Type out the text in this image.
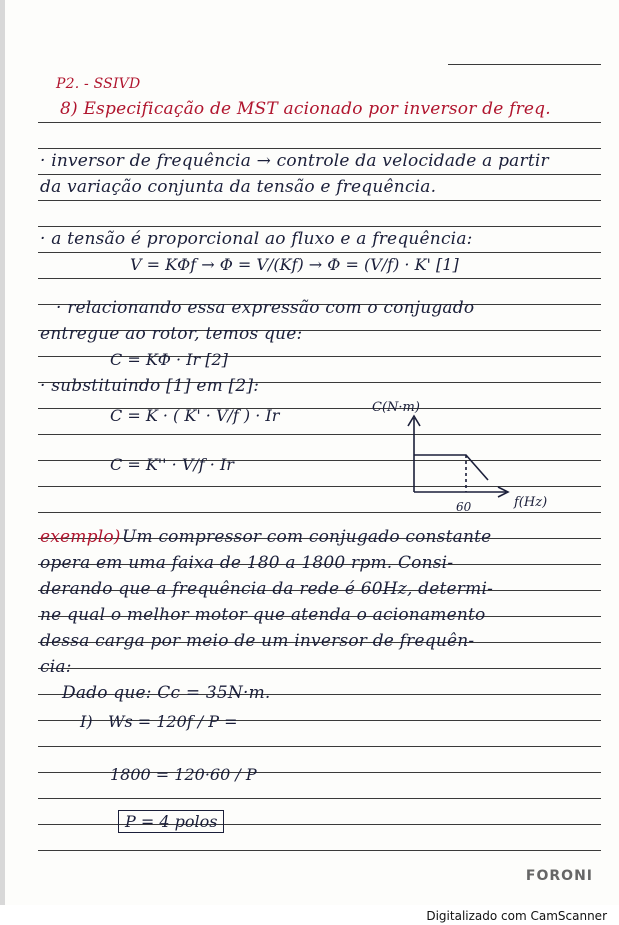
P2. - SSIVD
8) Especificação de MST acionado por inversor de freq.
· inversor de frequência → controle da velocidade a partir
da variação conjunta da tensão e frequência.
· a tensão é proporcional ao fluxo e a frequência:
V = KΦf → Φ = V/(Kf) → Φ = (V/f) · K' [1]
· relacionando essa expressão com o conjugado
entregue ao rotor, temos que:
C = KΦ · Ir [2]
· substituindo [1] em [2]:
C = K · ( K' · V/f ) · Ir
C = K'' · V/f · Ir
C(N·m)
60	f(Hz)
exemplo) Um compressor com conjugado constante
opera em uma faixa de 180 a 1800 rpm. Consi-
derando que a frequência da rede é 60Hz, determi-
ne qual o melhor motor que atenda o acionamento
dessa carga por meio de um inversor de frequên-
cia:
Dado que: Cc = 35N·m.
I) Ws = 120f / P =
1800 = 120·60 / P
P = 4 polos
FORONI
Digitalizado com CamScanner
